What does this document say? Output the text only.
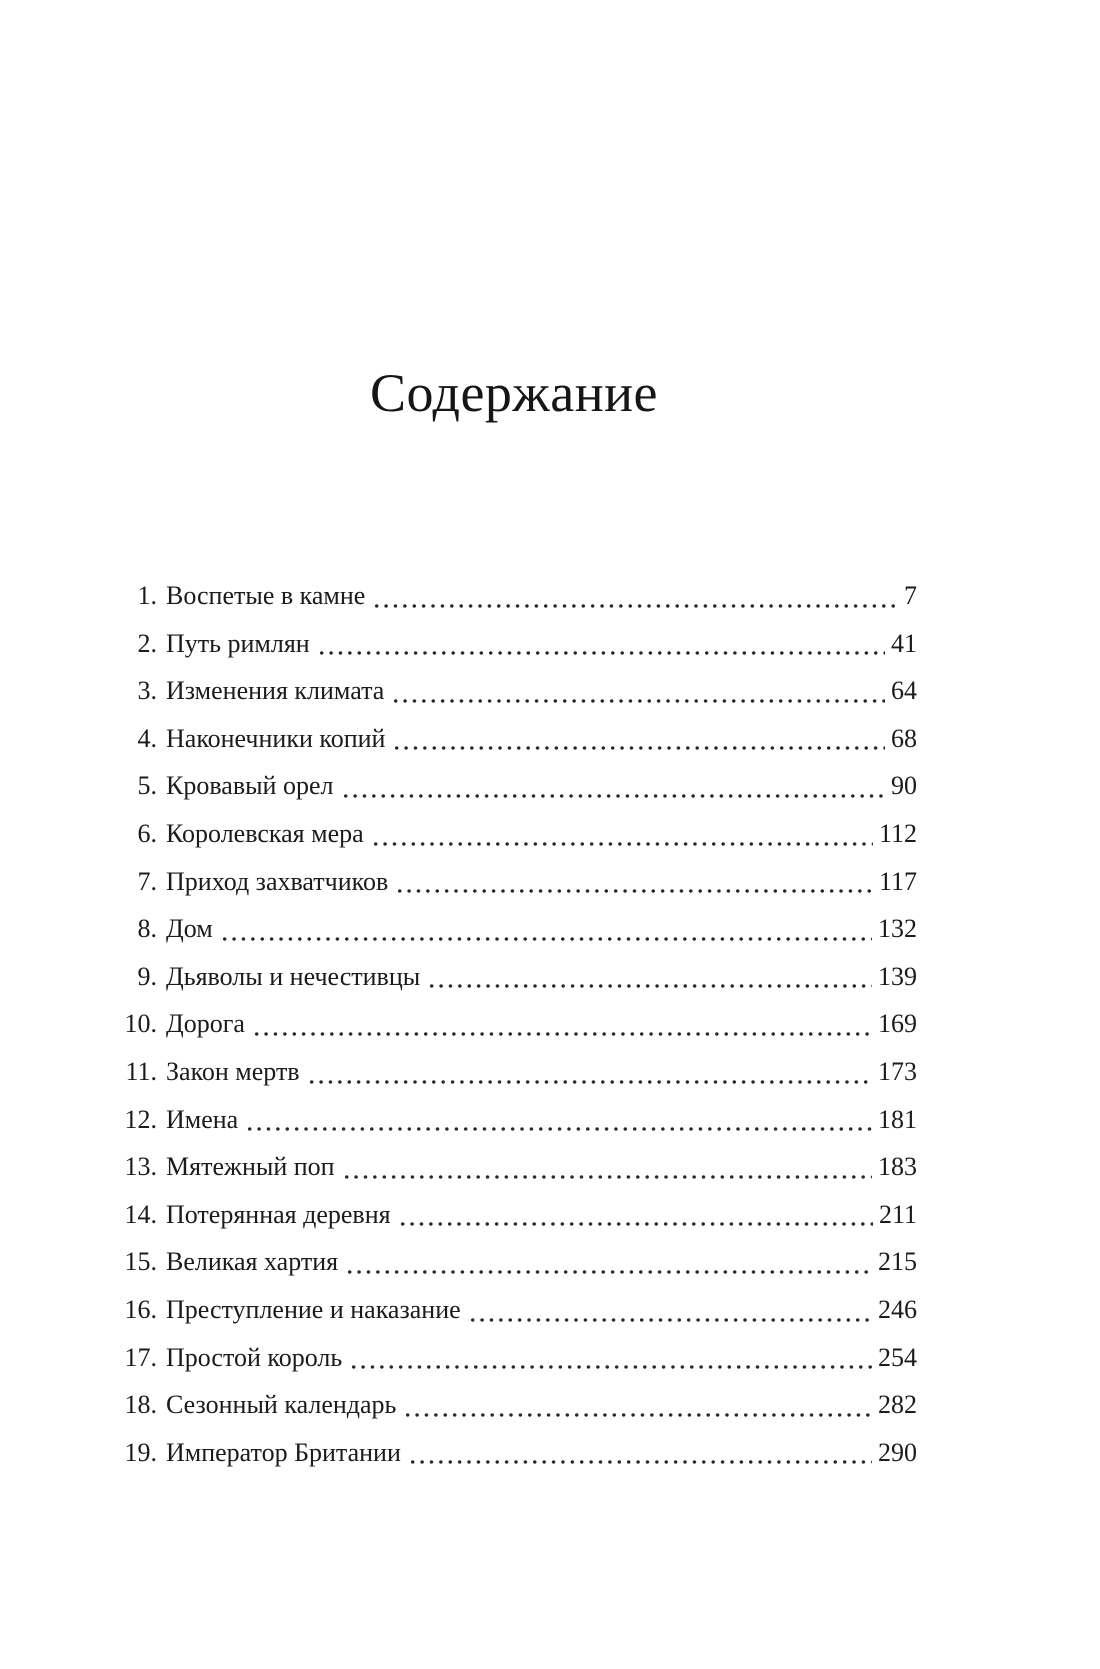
Содержание
1. Воспетые в камне	7
2. Путь римлян	41
3. Изменения климата	64
4. Наконечники копий	68
5. Кровавый орел	90
6. Королевская мера	112
7. Приход захватчиков	117
8. Дом	132
9. Дьяволы и нечестивцы	139
10. Дорога	169
11. Закон мертв	173
12. Имена	181
13. Мятежный поп	183
14. Потерянная деревня	211
15. Великая хартия	215
16. Преступление и наказание	246
17. Простой король	254
18. Сезонный календарь	282
19. Император Британии	290
